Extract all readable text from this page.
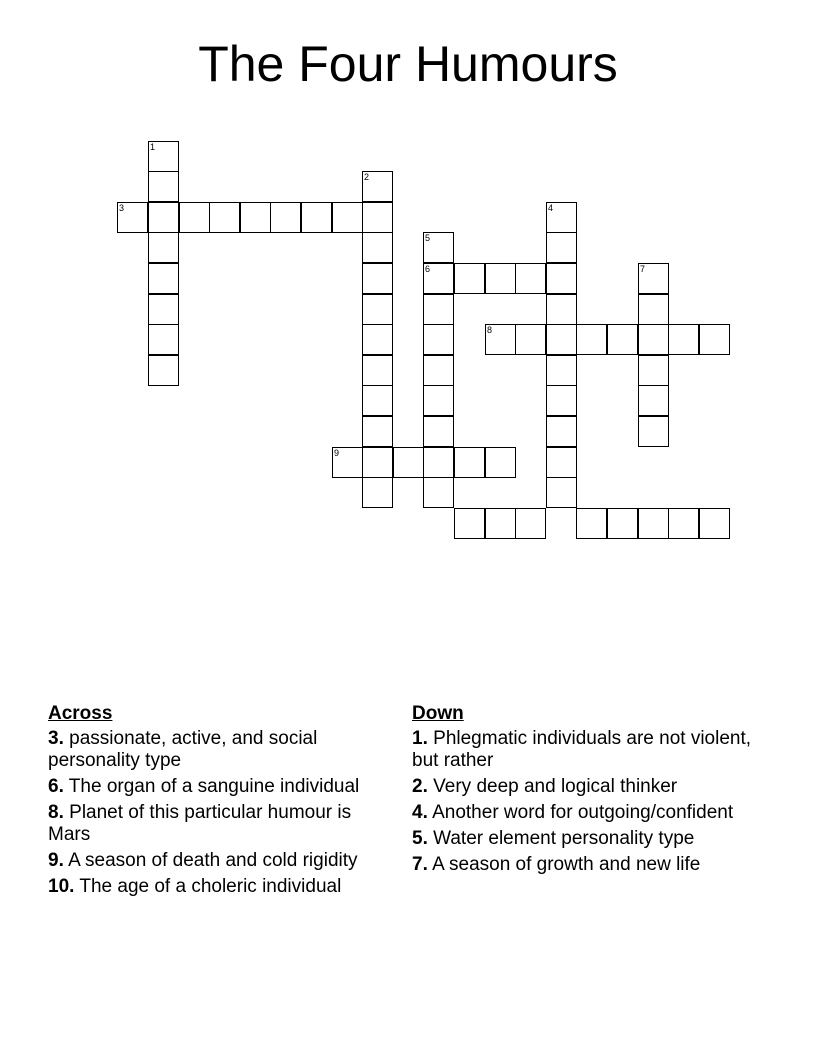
The Four Humours
1
2
3	4
5
6	7
8
9
Across
3. passionate, active, and social personality type
6. The organ of a sanguine individual
8. Planet of this particular humour is Mars
9. A season of death and cold rigidity
10. The age of a choleric individual
Down
1. Phlegmatic individuals are not violent, but rather
2. Very deep and logical thinker
4. Another word for outgoing/confident
5. Water element personality type
7. A season of growth and new life
